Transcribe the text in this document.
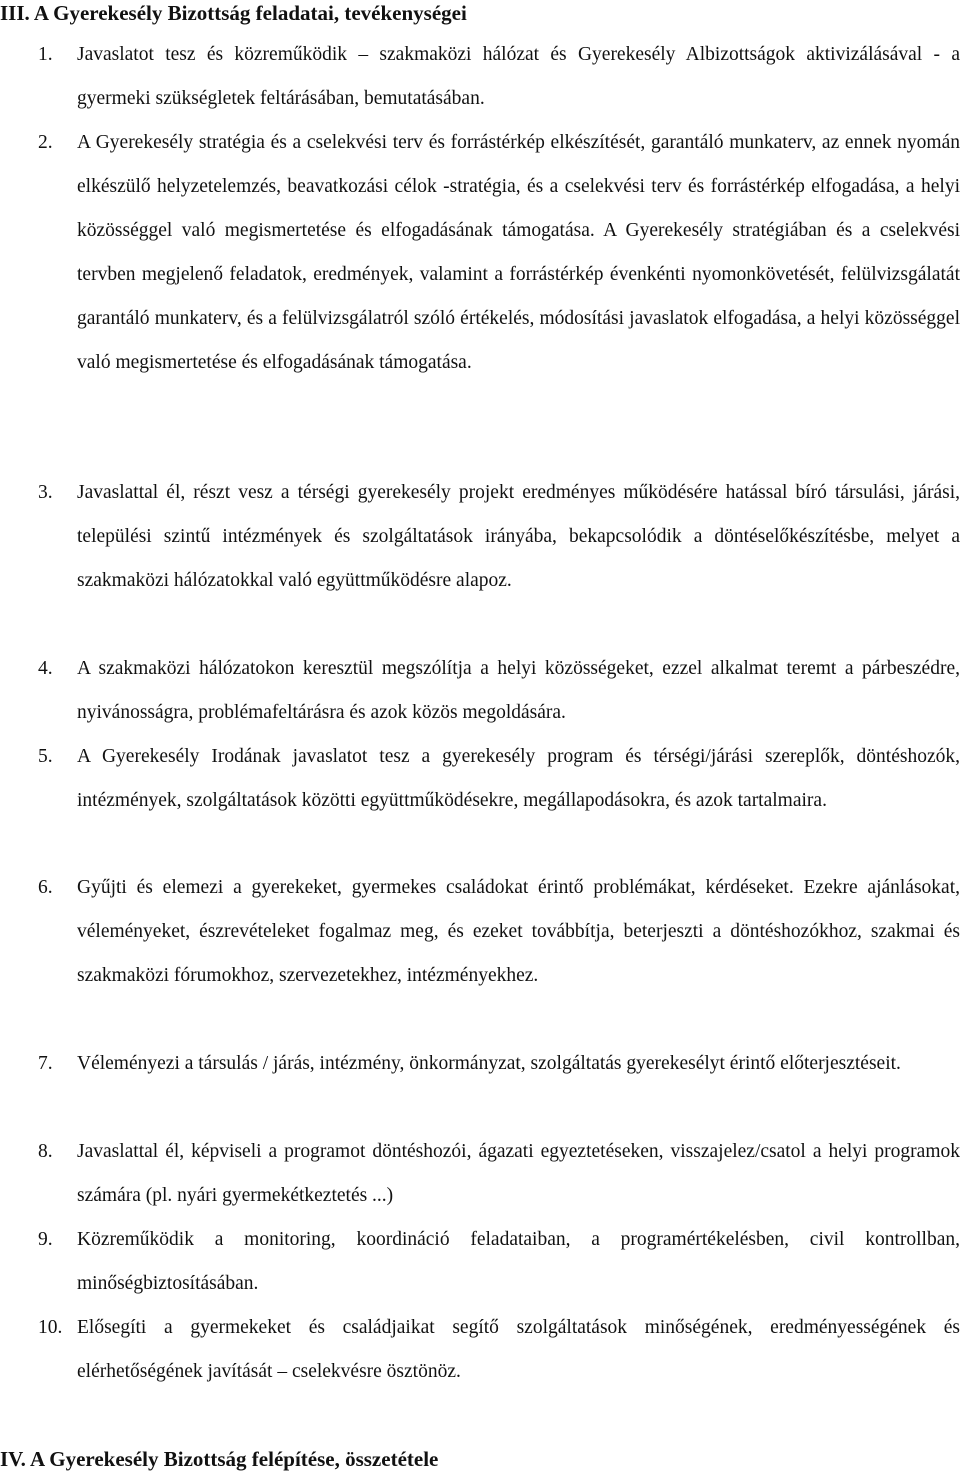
III. A Gyerekesély Bizottság feladatai, tevékenységei
1. Javaslatot tesz és közreműködik – szakmaközi hálózat és Gyerekesély Albizottságok aktivizálásával - a gyermeki szükségletek feltárásában, bemutatásában.
2. A Gyerekesély stratégia és a cselekvési terv és forrástérkép elkészítését, garantáló munkaterv, az ennek nyomán elkészülő helyzetelemzés, beavatkozási célok -stratégia, és a cselekvési terv és forrástérkép elfogadása, a helyi közösséggel való megismertetése és elfogadásának támogatása. A Gyerekesély stratégiában és a cselekvési tervben megjelenő feladatok, eredmények, valamint a forrástérkép évenkénti nyomonkövetését, felülvizsgálatát garantáló munkaterv, és a felülvizsgálatról szóló értékelés, módosítási javaslatok elfogadása, a helyi közösséggel való megismertetése és elfogadásának támogatása.
3. Javaslattal él, részt vesz a térségi gyerekesély projekt eredményes működésére hatással bíró társulási, járási, települési szintű intézmények és szolgáltatások irányába, bekapcsolódik a döntéselőkészítésbe, melyet a szakmaközi hálózatokkal való együttműködésre alapoz.
4. A szakmaközi hálózatokon keresztül megszólítja a helyi közösségeket, ezzel alkalmat teremt a párbeszédre, nyivánosságra, problémafeltárásra és azok közös megoldására.
5. A Gyerekesély Irodának javaslatot tesz a gyerekesély program és térségi/járási szereplők, döntéshozók, intézmények, szolgáltatások közötti együttműködésekre, megállapodásokra, és azok tartalmaira.
6. Gyűjti és elemezi a gyerekeket, gyermekes családokat érintő problémákat, kérdéseket. Ezekre ajánlásokat, véleményeket, észrevételeket fogalmaz meg, és ezeket továbbítja, beterjeszti a döntéshozókhoz, szakmai és szakmaközi fórumokhoz, szervezetekhez, intézményekhez.
7. Véleményezi a társulás / járás, intézmény, önkormányzat, szolgáltatás gyerekesélyt érintő előterjesztéseit.
8. Javaslattal él, képviseli a programot döntéshozói, ágazati egyeztetéseken, visszajelez/csatol a helyi programok számára (pl. nyári gyermekétkeztetés ...)
9. Közreműködik a monitoring, koordináció feladataiban, a programértékelésben, civil kontrollban, minőségbiztosításában.
10. Elősegíti a gyermekeket és családjaikat segítő szolgáltatások minőségének, eredményességének és elérhetőségének javítását – cselekvésre ösztönöz.
IV. A Gyerekesély Bizottság felépítése, összetétele
